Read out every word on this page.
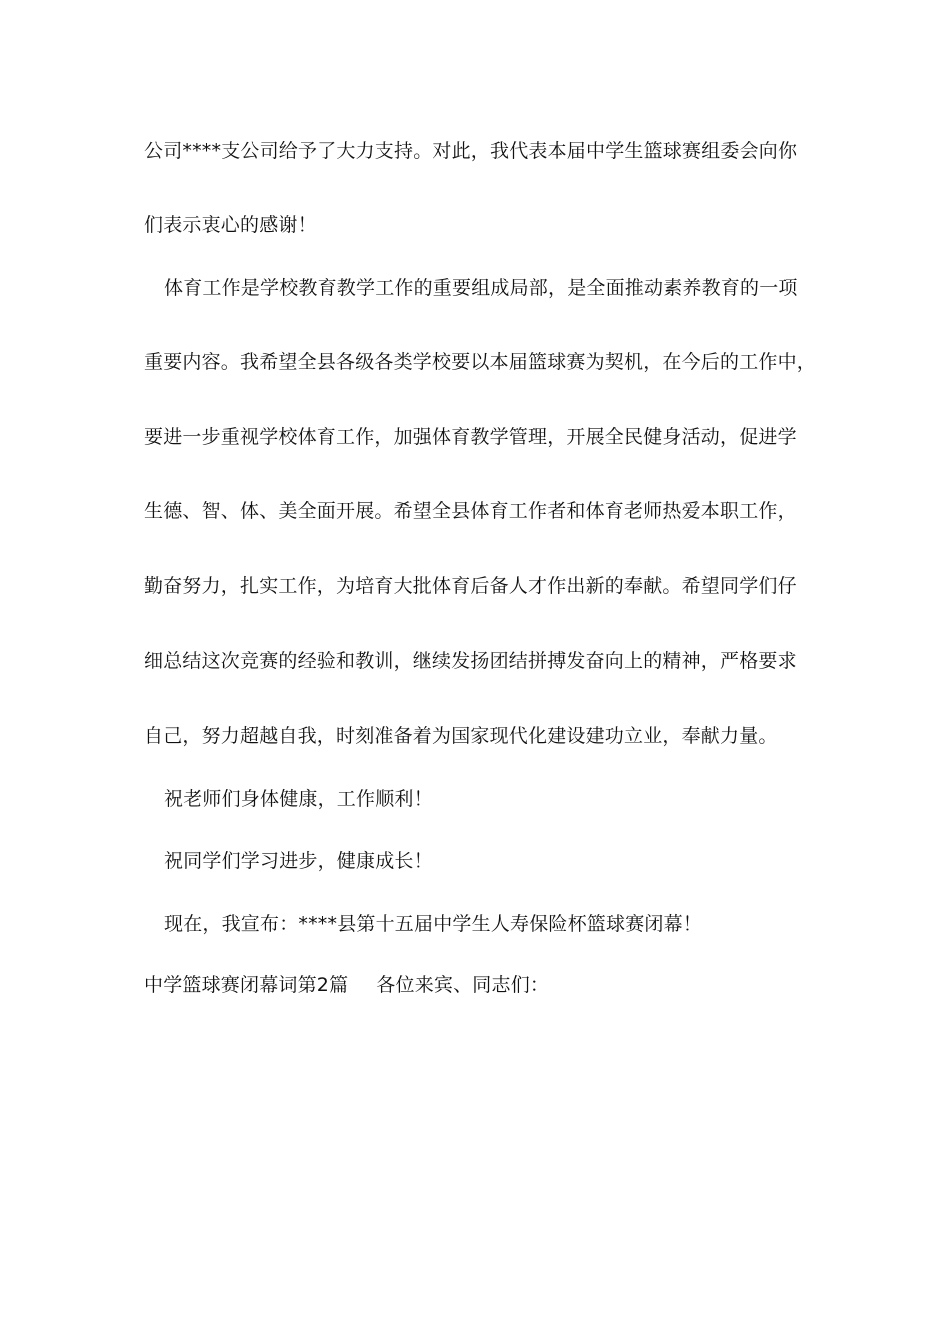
公司****支公司给予了大力支持。对此，我代表本届中学生篮球赛组委会向你
们表示衷心的感谢！
体育工作是学校教育教学工作的重要组成局部，是全面推动素养教育的一项
重要内容。我希望全县各级各类学校要以本届篮球赛为契机，在今后的工作中，
要进一步重视学校体育工作，加强体育教学管理，开展全民健身活动，促进学
生德、智、体、美全面开展。希望全县体育工作者和体育老师热爱本职工作，
勤奋努力，扎实工作，为培育大批体育后备人才作出新的奉献。希望同学们仔
细总结这次竞赛的经验和教训，继续发扬团结拼搏发奋向上的精神，严格要求
自己，努力超越自我，时刻准备着为国家现代化建设建功立业，奉献力量。
祝老师们身体健康，工作顺利！
祝同学们学习进步，健康成长！
现在，我宣布：****县第十五届中学生人寿保险杯篮球赛闭幕！
中学篮球赛闭幕词第2篇 各位来宾、同志们：
